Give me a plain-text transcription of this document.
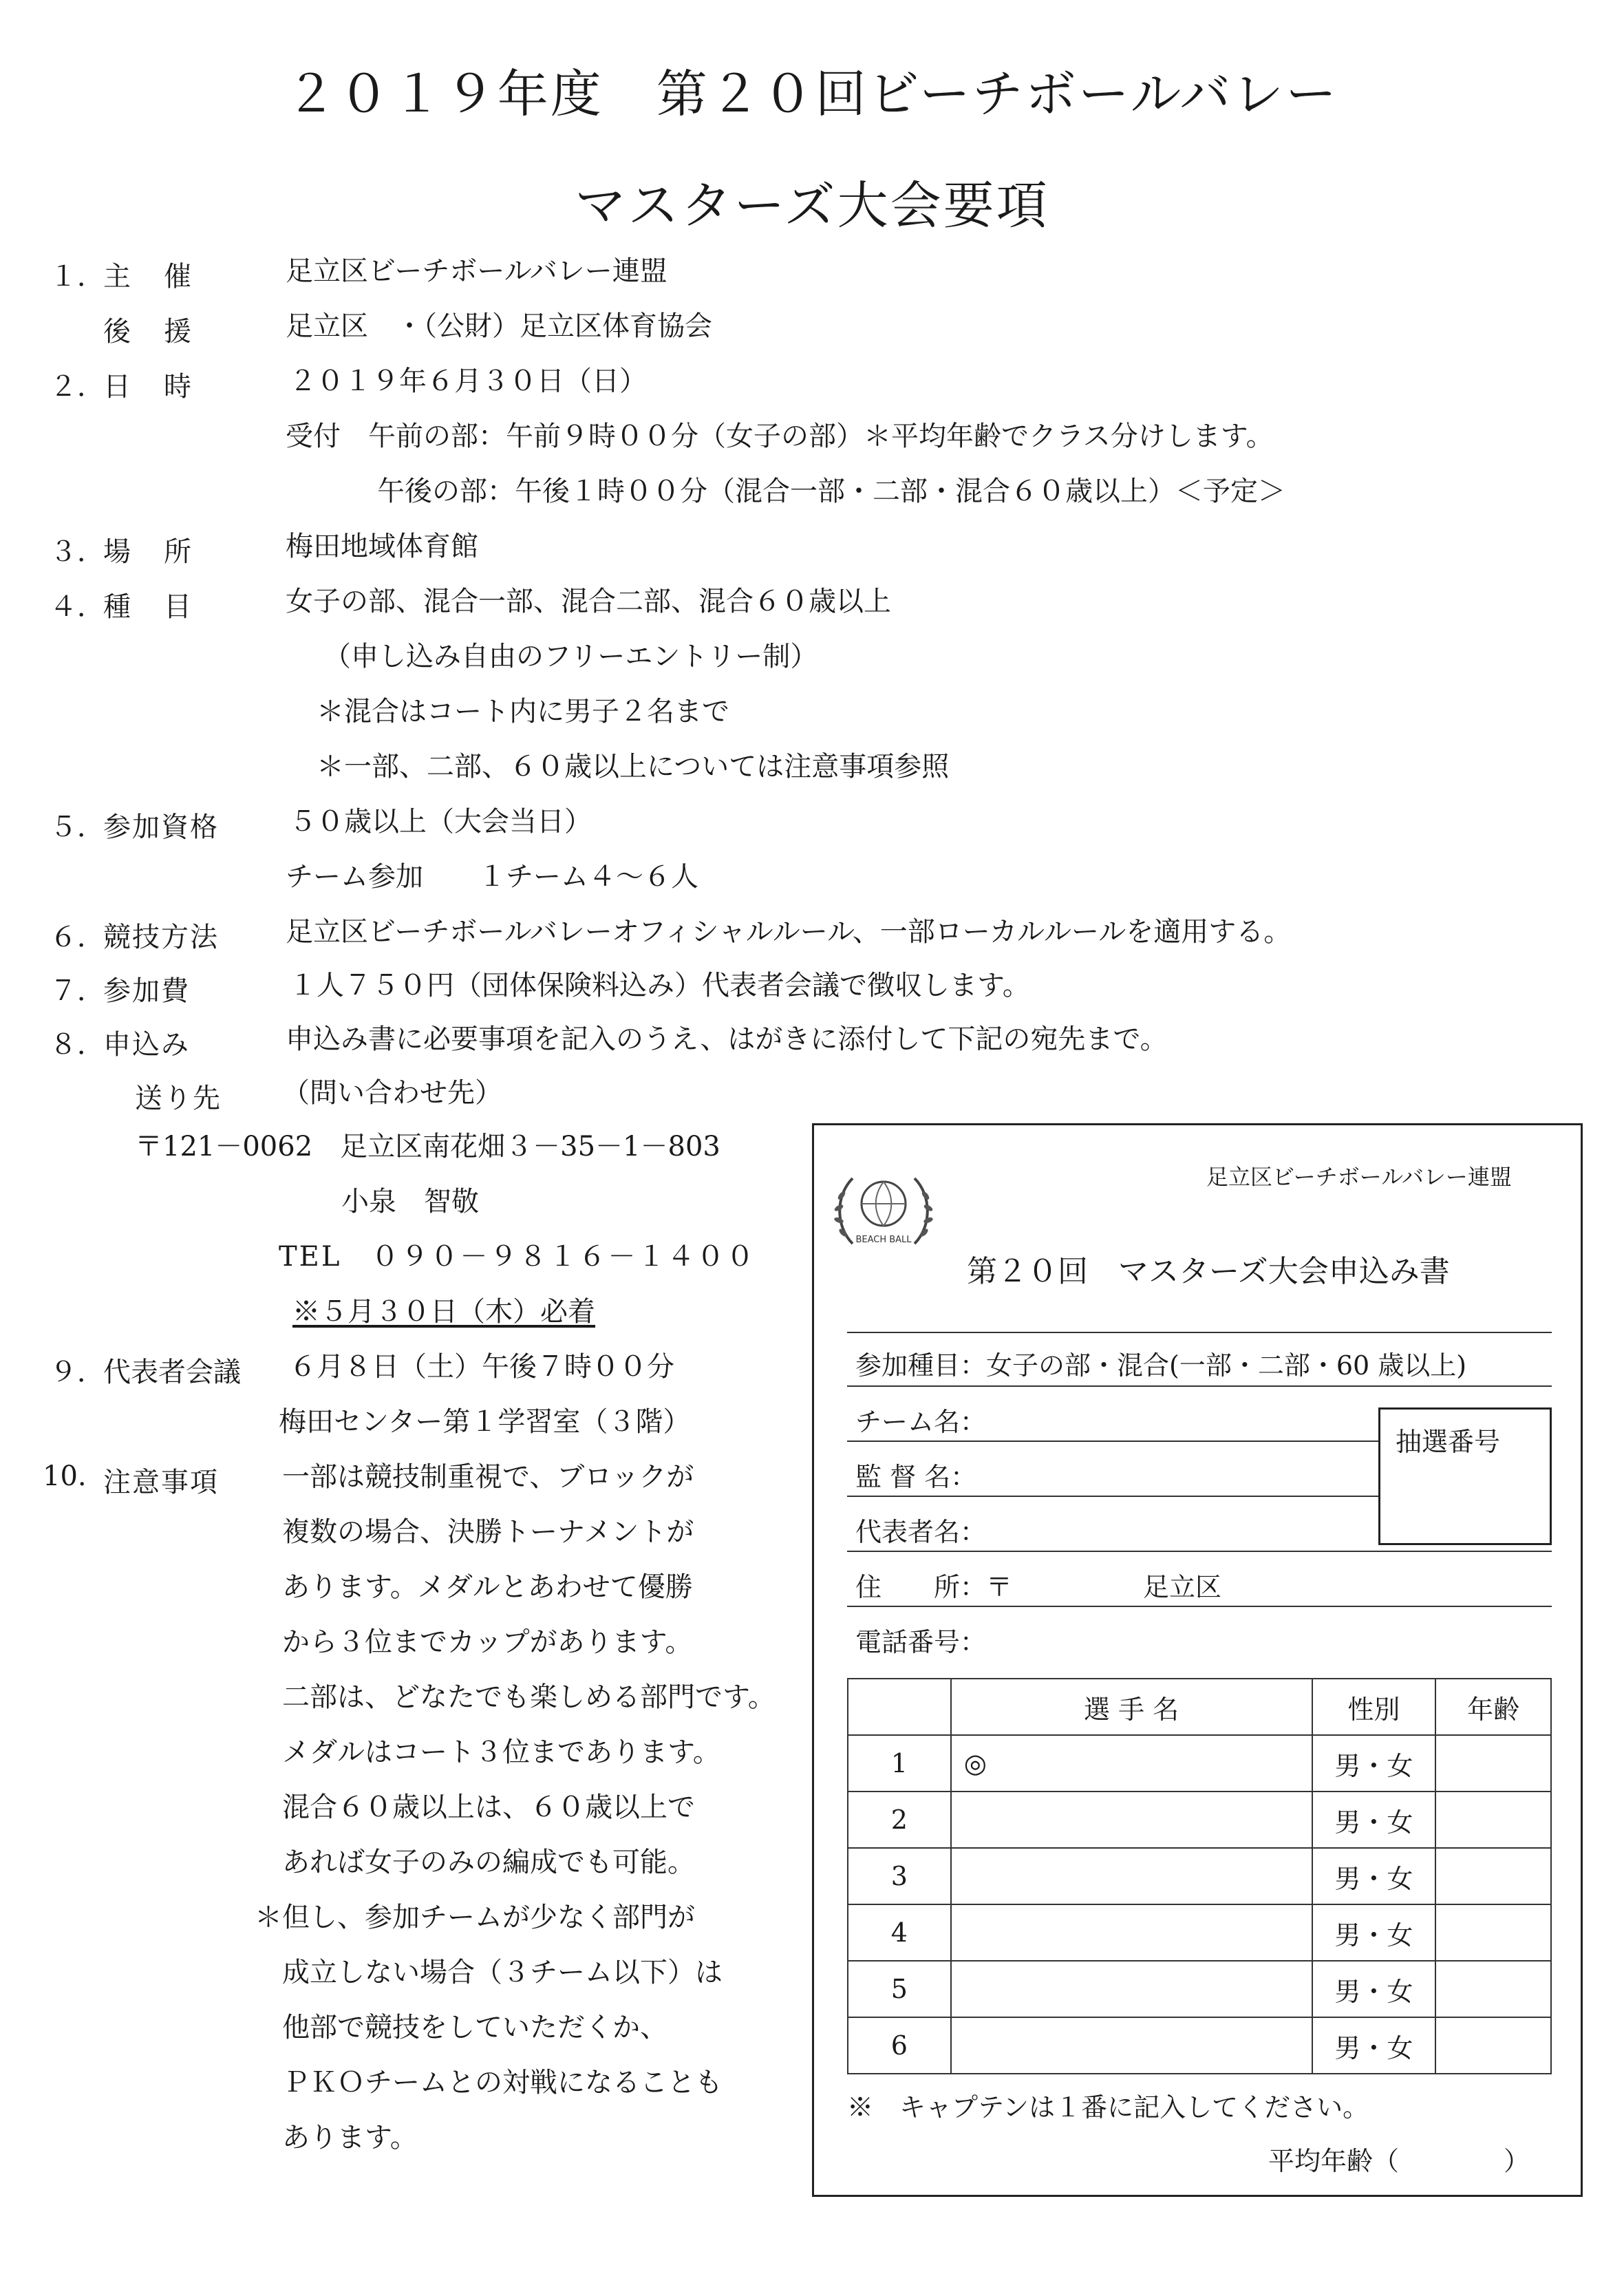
２０１９年度　第２０回ビーチボールバレー
マスターズ大会要項
１．
主　催	足立区ビーチボールバレー連盟
後　援	足立区　・（公財）足立区体育協会
２．
日　時	２０１９年６月３０日（日）
受付　午前の部：午前９時００分（女子の部）＊平均年齢でクラス分けします。
午後の部：午後１時００分（混合一部・二部・混合６０歳以上）＜予定＞
３．
場　所	梅田地域体育館
４．
種　目	女子の部、混合一部、混合二部、混合６０歳以上
（申し込み自由のフリーエントリー制）
＊混合はコート内に男子２名まで
＊一部、二部、６０歳以上については注意事項参照
５．
参加資格	５０歳以上（大会当日）
チーム参加　　１チーム４～６人
６．
競技方法 足立区ビーチボールバレーオフィシャルルール、一部ローカルルールを適用する。
７．
参加費	１人７５０円（団体保険料込み）代表者会議で徴収します。
８．
申込み	申込み書に必要事項を記入のうえ、はがきに添付して下記の宛先まで。
送り先 （問い合わせ先）
〒121－0062　足立区南花畑３－35－1－803
小泉　智敬
TEL　０９０－９８１６－１４００
※５月３０日（木）必着
９．
代表者会議 ６月８日（土）午後７時００分
梅田センター第１学習室（３階）
10. 注意事項 一部は競技制重視で、ブロックが
複数の場合、決勝トーナメントが
あります。メダルとあわせて優勝
から３位までカップがあります。
二部は、どなたでも楽しめる部門です。
メダルはコート３位まであります。
混合６０歳以上は、６０歳以上で
あれば女子のみの編成でも可能。
＊但し、参加チームが少なく部門が
成立しない場合（３チーム以下）は
他部で競技をしていただくか、
ＰＫＯチームとの対戦になることも
あります。
足立区ビーチボールバレー連盟
BEACH BALL
第２０回　マスターズ大会申込み書
参加種目：女子の部・混合(一部・二部・60 歳以上)
チーム名：
監 督 名：
代表者名：
住　　所：〒	足立区
電話番号：
抽選番号
	選 手 名	性別	年齢
1	◎	男・女	
2		男・女	
3		男・女	
4		男・女	
5		男・女	
6		男・女	
※　キャプテンは１番に記入してください。
平均年齢（　　　　）
